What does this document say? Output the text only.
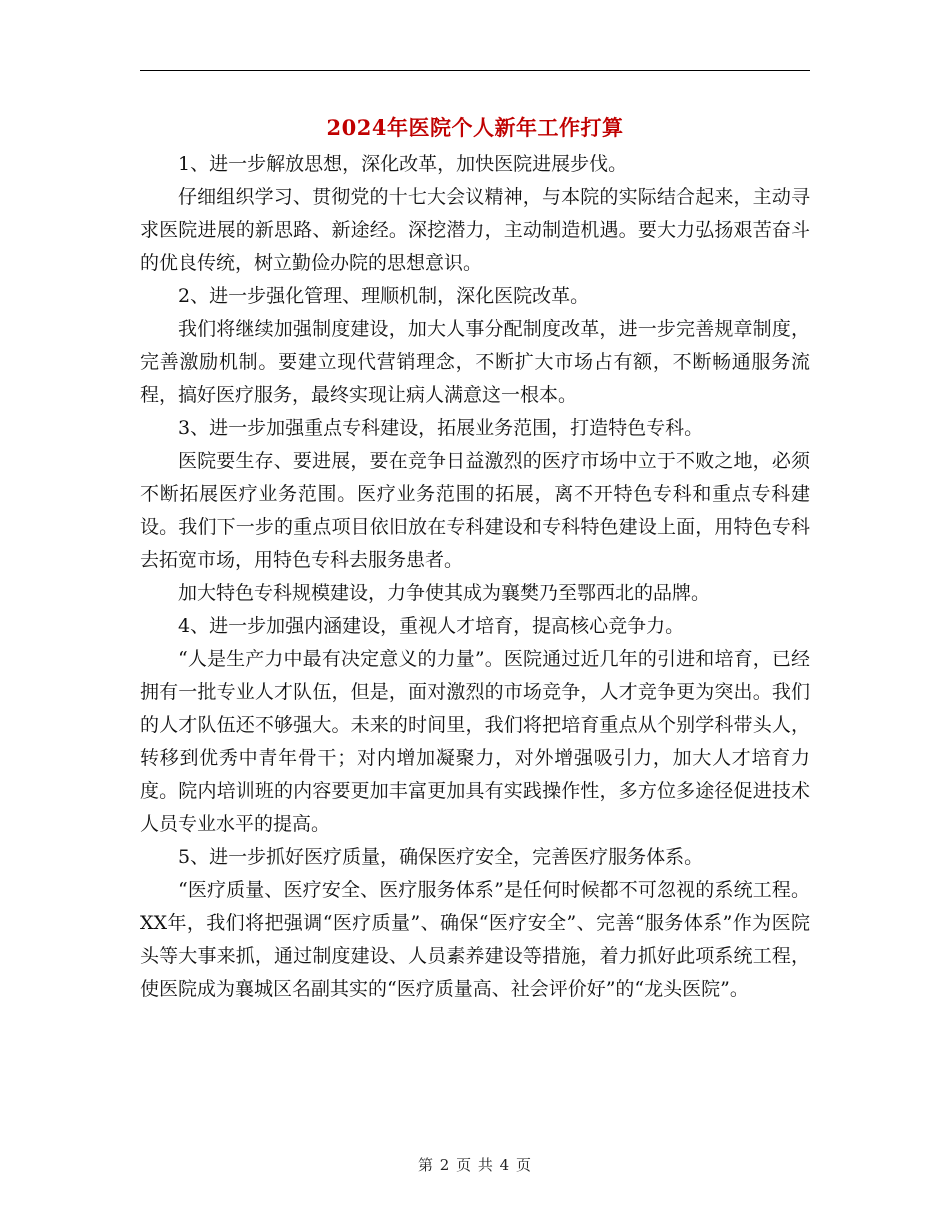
2024年医院个人新年工作打算

1、进一步解放思想，深化改革，加快医院进展步伐。

仔细组织学习、贯彻党的十七大会议精神，与本院的实际结合起来，主动寻求医院进展的新思路、新途经。深挖潜力，主动制造机遇。要大力弘扬艰苦奋斗的优良传统，树立勤俭办院的思想意识。

2、进一步强化管理、理顺机制，深化医院改革。

我们将继续加强制度建设，加大人事分配制度改革，进一步完善规章制度，完善激励机制。要建立现代营销理念，不断扩大市场占有额，不断畅通服务流程，搞好医疗服务，最终实现让病人满意这一根本。

3、进一步加强重点专科建设，拓展业务范围，打造特色专科。

医院要生存、要进展，要在竞争日益激烈的医疗市场中立于不败之地，必须不断拓展医疗业务范围。医疗业务范围的拓展，离不开特色专科和重点专科建设。我们下一步的重点项目依旧放在专科建设和专科特色建设上面，用特色专科去拓宽市场，用特色专科去服务患者。

加大特色专科规模建设，力争使其成为襄樊乃至鄂西北的品牌。

4、进一步加强内涵建设，重视人才培育，提高核心竞争力。

“人是生产力中最有决定意义的力量”。医院通过近几年的引进和培育，已经拥有一批专业人才队伍，但是，面对激烈的市场竞争，人才竞争更为突出。我们的人才队伍还不够强大。未来的时间里，我们将把培育重点从个别学科带头人，转移到优秀中青年骨干；对内增加凝聚力，对外增强吸引力，加大人才培育力度。院内培训班的内容要更加丰富更加具有实践操作性，多方位多途径促进技术人员专业水平的提高。

5、进一步抓好医疗质量，确保医疗安全，完善医疗服务体系。

“医疗质量、医疗安全、医疗服务体系”是任何时候都不可忽视的系统工程。XX年，我们将把强调“医疗质量”、确保“医疗安全”、完善“服务体系”作为医院头等大事来抓，通过制度建设、人员素养建设等措施，着力抓好此项系统工程，使医院成为襄城区名副其实的“医疗质量高、社会评价好”的“龙头医院”。

第 2 页 共 4 页
